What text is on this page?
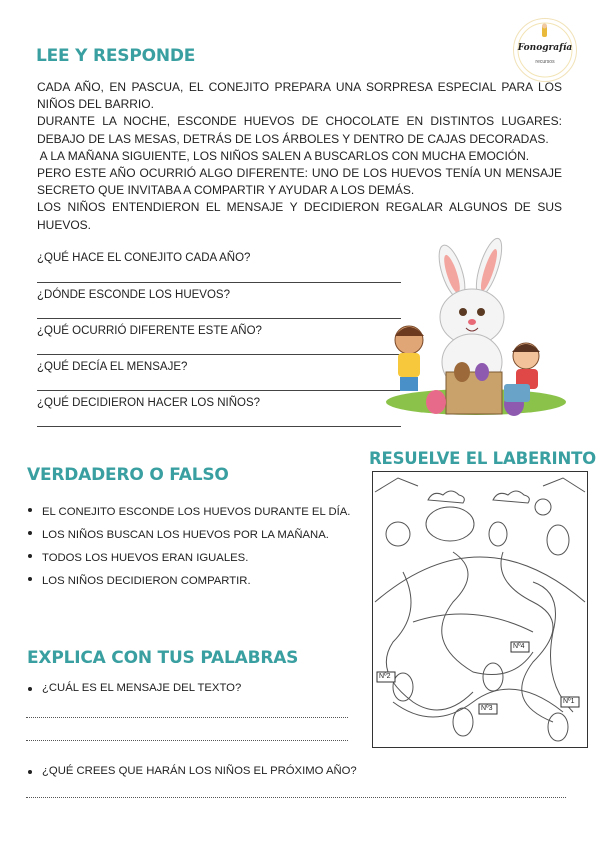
Fonografía
recursos
LEE Y RESPONDE

CADA AÑO, EN PASCUA, EL CONEJITO PREPARA UNA SORPRESA ESPECIAL PARA LOS NIÑOS DEL BARRIO.

DURANTE LA NOCHE, ESCONDE HUEVOS DE CHOCOLATE EN DISTINTOS LUGARES: DEBAJO DE LAS MESAS, DETRÁS DE LOS ÁRBOLES Y DENTRO DE CAJAS DECORADAS.

A LA MAÑANA SIGUIENTE, LOS NIÑOS SALEN A BUSCARLOS CON MUCHA EMOCIÓN.

PERO ESTE AÑO OCURRIÓ ALGO DIFERENTE: UNO DE LOS HUEVOS TENÍA UN MENSAJE SECRETO QUE INVITABA A COMPARTIR Y AYUDAR A LOS DEMÁS.

LOS NIÑOS ENTENDIERON EL MENSAJE Y DECIDIERON REGALAR ALGUNOS DE SUS HUEVOS.

¿QUÉ HACE EL CONEJITO CADA AÑO?
¿DÓNDE ESCONDE LOS HUEVOS?
¿QUÉ OCURRIÓ DIFERENTE ESTE AÑO?
¿QUÉ DECÍA EL MENSAJE?
¿QUÉ DECIDIERON HACER LOS NIÑOS?
VERDADERO O FALSO
EL CONEJITO ESCONDE LOS HUEVOS DURANTE EL DÍA.
LOS NIÑOS BUSCAN LOS HUEVOS POR LA MAÑANA.
TODOS LOS HUEVOS ERAN IGUALES.
LOS NIÑOS DECIDIERON COMPARTIR.
RESUELVE EL LABERINTO
Nº2
Nº3
Nº4
Nº1
EXPLICA CON TUS PALABRAS
¿CUÁL ES EL MENSAJE DEL TEXTO?
¿QUÉ CREES QUE HARÁN LOS NIÑOS EL PRÓXIMO AÑO?
